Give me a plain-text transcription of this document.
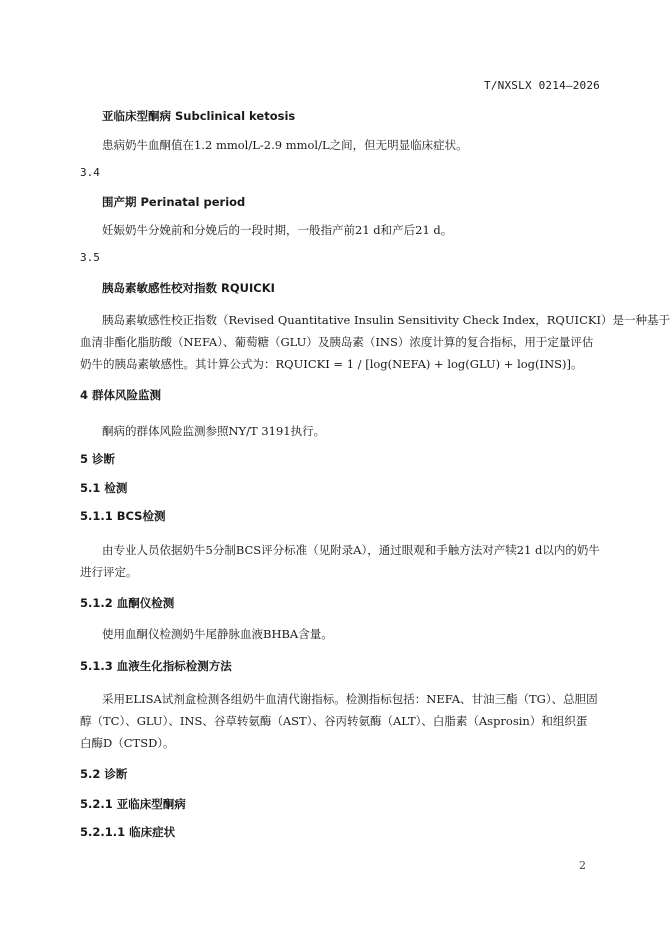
T/NXSLX 0214—2026
亚临床型酮病 Subclinical ketosis
患病奶牛血酮值在1.2 mmol/L-2.9 mmol/L之间，但无明显临床症状。
3.4
围产期 Perinatal period
妊娠奶牛分娩前和分娩后的一段时期，一般指产前21 d和产后21 d。
3.5
胰岛素敏感性校对指数 RQUICKI
胰岛素敏感性校正指数（Revised Quantitative Insulin Sensitivity Check Index，RQUICKI）是一种基于
血清非酯化脂肪酸（NEFA）、葡萄糖（GLU）及胰岛素（INS）浓度计算的复合指标，用于定量评估
奶牛的胰岛素敏感性。其计算公式为：RQUICKI = 1 / [log(NEFA) + log(GLU) + log(INS)]。
4 群体风险监测
酮病的群体风险监测参照NY/T 3191执行。
5 诊断
5.1 检测
5.1.1 BCS检测
由专业人员依据奶牛5分制BCS评分标准（见附录A），通过眼观和手触方法对产犊21 d以内的奶牛
进行评定。
5.1.2 血酮仪检测
使用血酮仪检测奶牛尾静脉血液BHBA含量。
5.1.3 血液生化指标检测方法
采用ELISA试剂盒检测各组奶牛血清代谢指标。检测指标包括：NEFA、甘油三酯（TG）、总胆固
醇（TC）、GLU）、INS、谷草转氨酶（AST）、谷丙转氨酶（ALT）、白脂素（Asprosin）和组织蛋
白酶D（CTSD）。
5.2 诊断
5.2.1 亚临床型酮病
5.2.1.1 临床症状
2
